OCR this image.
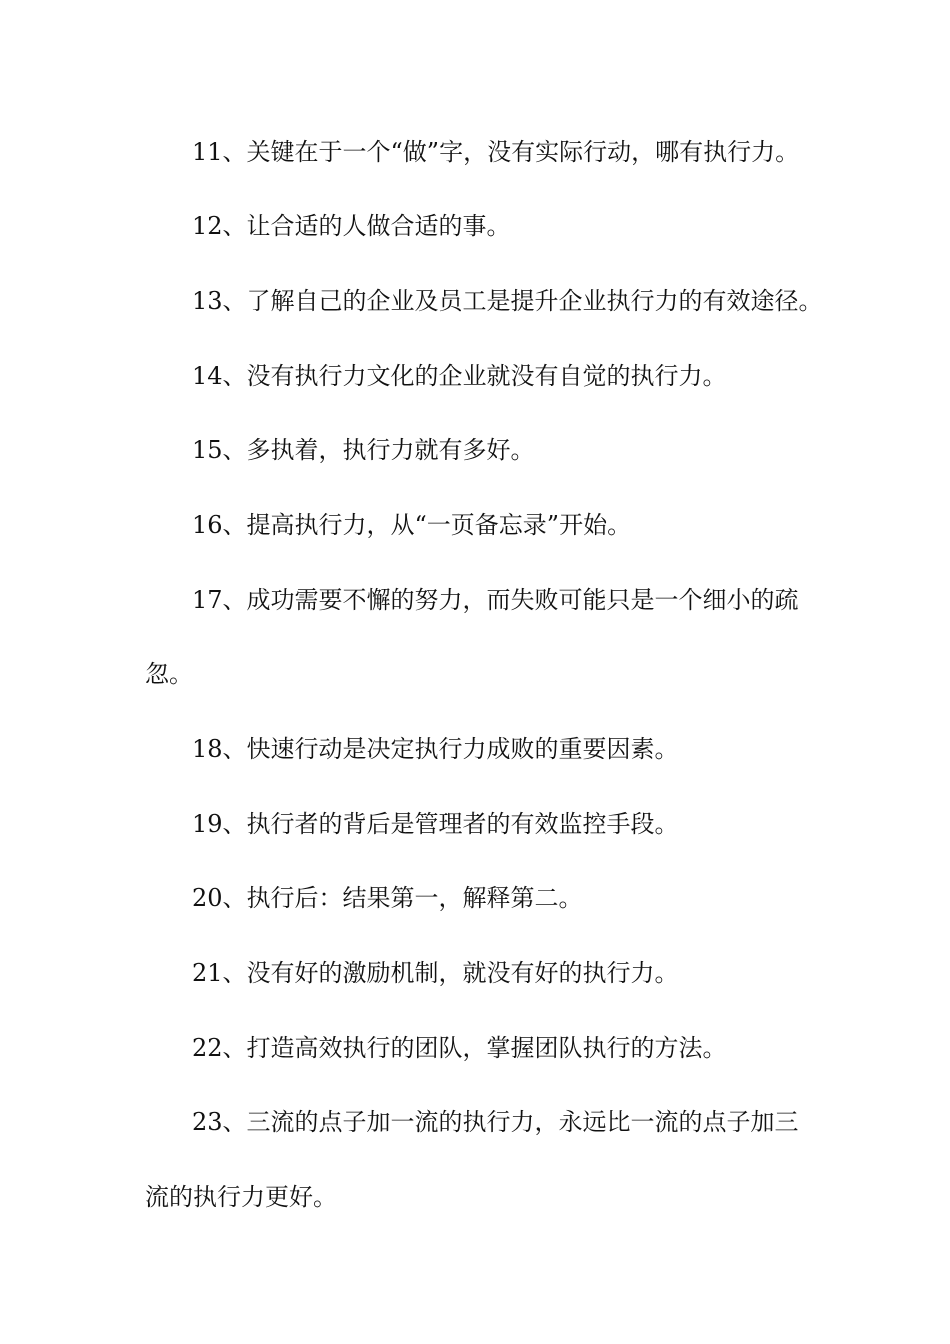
11、关键在于一个“做”字，没有实际行动，哪有执行力。
12、让合适的人做合适的事。
13、了解自己的企业及员工是提升企业执行力的有效途径。
14、没有执行力文化的企业就没有自觉的执行力。
15、多执着，执行力就有多好。
16、提高执行力，从“一页备忘录”开始。
17、成功需要不懈的努力，而失败可能只是一个细小的疏
忽。
18、快速行动是决定执行力成败的重要因素。
19、执行者的背后是管理者的有效监控手段。
20、执行后：结果第一，解释第二。
21、没有好的激励机制，就没有好的执行力。
22、打造高效执行的团队，掌握团队执行的方法。
23、三流的点子加一流的执行力，永远比一流的点子加三
流的执行力更好。
